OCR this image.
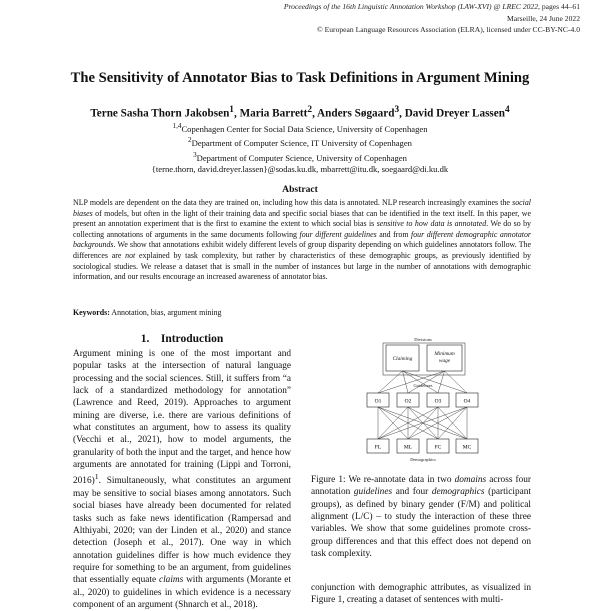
Proceedings of the 16th Linguistic Annotation Workshop (LAW-XVI) @ LREC 2022, pages 44–61
Marseille, 24 June 2022
© European Language Resources Association (ELRA), licensed under CC-BY-NC-4.0
The Sensitivity of Annotator Bias to Task Definitions in Argument Mining
Terne Sasha Thorn Jakobsen$^1$, Maria Barrett$^2$, Anders Søgaard$^3$, David Dreyer Lassen$^4$
$^{1,4}$Copenhagen Center for Social Data Science, University of Copenhagen
$^2$Department of Computer Science, IT University of Copenhagen
$^3$Department of Computer Science, University of Copenhagen
{terne.thorn, david.dreyer.lassen}@sodas.ku.dk, mbarrett@itu.dk, soegaard@di.ku.dk
Abstract

NLP models are dependent on the data they are trained on, including how this data is annotated. NLP research increasingly examines the social biases of models, but often in the light of their training data and specific social biases that can be identified in the text itself. In this paper, we present an annotation experiment that is the first to examine the extent to which social bias is sensitive to how data is annotated. We do so by collecting annotations of arguments in the same documents following four different guidelines and from four different demographic annotator backgrounds. We show that annotations exhibit widely different levels of group disparity depending on which guidelines annotators follow. The differences are not explained by task complexity, but rather by characteristics of these demographic groups, as previously identified by sociological studies. We release a dataset that is small in the number of instances but large in the number of annotations with demographic information, and our results encourage an increased awareness of annotator bias.

Keywords: Annotation, bias, argument mining
1. Introduction

Argument mining is one of the most important and popular tasks at the intersection of natural language processing and the social sciences. Still, it suffers from “a lack of a standardized methodology for annotation” (Lawrence and Reed, 2019). Approaches to argument mining are diverse, i.e. there are various definitions of what constitutes an argument, how to assess its quality (Vecchi et al., 2021), how to model arguments, the granularity of both the input and the target, and hence how arguments are annotated for training (Lippi and Torroni, 2016)$^1$. Simultaneously, what constitutes an argument may be sensitive to social biases among annotators. Such social biases have already been documented for related tasks such as fake news identification (Rampersad and Althiyabi, 2020; van der Linden et al., 2020) and stance detection (Joseph et al., 2017). One way in which annotation guidelines differ is how much evidence they require for something to be an argument, from guidelines that essentially equate claims with arguments (Morante et al., 2020) to guidelines in which evidence is a necessary component of an argument (Shnarch et al., 2018).

Divisions
Claiming
Minimum
wage
Guidelines
O1	O2	O3	O4
FL	ML	FC	MC
Demographics

Figure 1: We re-annotate data in two domains across four annotation guidelines and four demographics (participant groups), as defined by binary gender (F/M) and political alignment (L/C) – to study the interaction of these three variables. We show that some guidelines promote cross-group differences and that this effect does not depend on task complexity.

conjunction with demographic attributes, as visualized in Figure 1, creating a dataset of sentences with multi-
